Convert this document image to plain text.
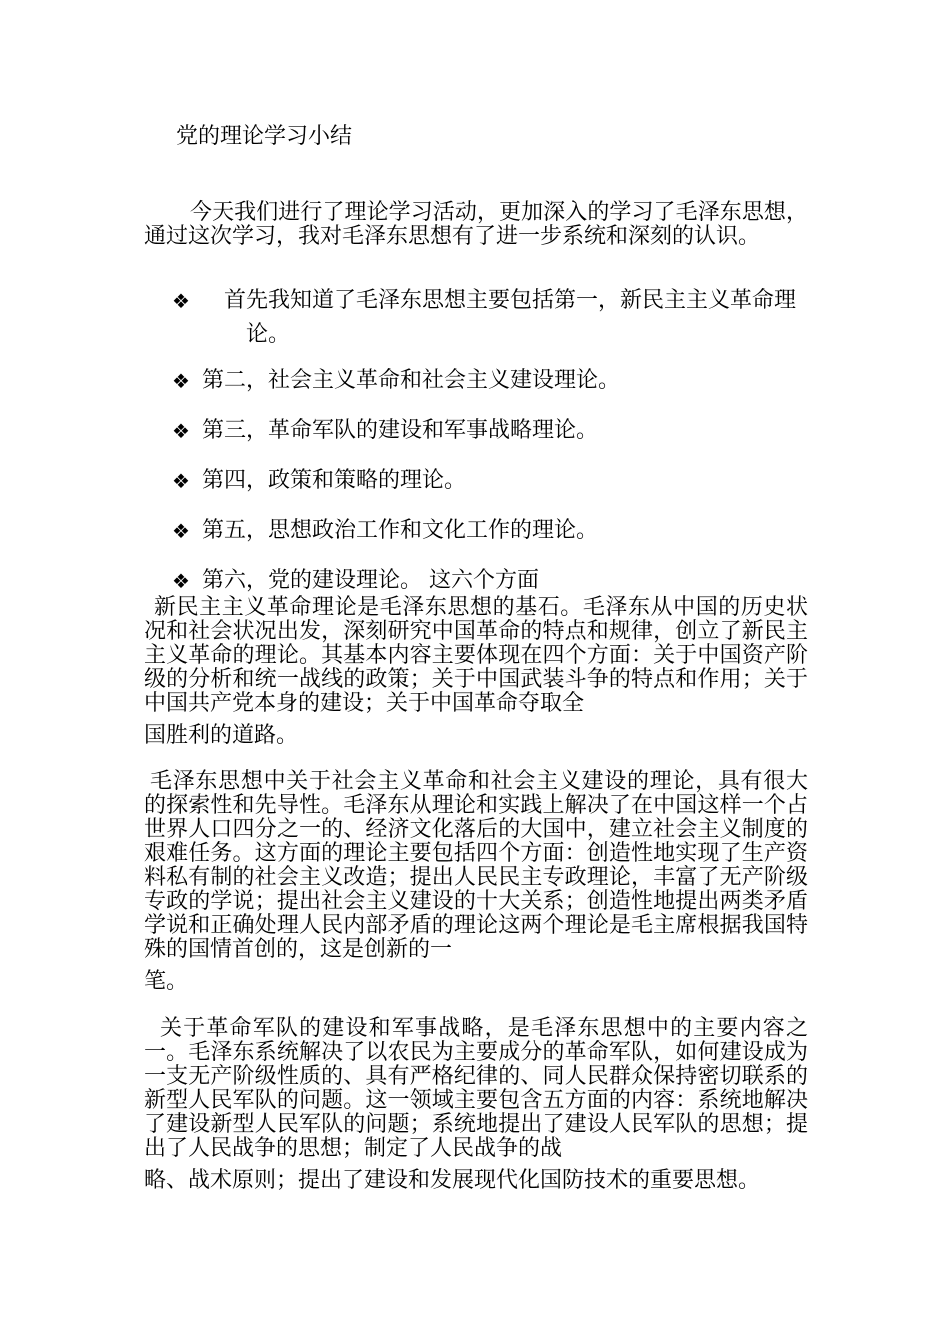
党的理论学习小结
今天我们进行了理论学习活动，更加深入的学习了毛泽东思想，通过这次学习，我对毛泽东思想有了进一步系统和深刻的认识。
❖	首先我知道了毛泽东思想主要包括第一，新民主主义革命理论。
❖ 第二，社会主义革命和社会主义建设理论。
❖ 第三，革命军队的建设和军事战略理论。
❖ 第四，政策和策略的理论。
❖ 第五，思想政治工作和文化工作的理论。
❖ 第六，党的建设理论。 这六个方面
新民主主义革命理论是毛泽东思想的基石。毛泽东从中国的历史状况和社会状况出发，深刻研究中国革命的特点和规律，创立了新民主主义革命的理论。其基本内容主要体现在四个方面：关于中国资产阶级的分析和统一战线的政策；关于中国武装斗争的特点和作用；关于中国共产党本身的建设；关于中国革命夺取全
国胜利的道路。
毛泽东思想中关于社会主义革命和社会主义建设的理论，具有很大的探索性和先导性。毛泽东从理论和实践上解决了在中国这样一个占世界人口四分之一的、经济文化落后的大国中，建立社会主义制度的艰难任务。这方面的理论主要包括四个方面：创造性地实现了生产资料私有制的社会主义改造；提出人民民主专政理论，丰富了无产阶级专政的学说；提出社会主义建设的十大关系；创造性地提出两类矛盾学说和正确处理人民内部矛盾的理论这两个理论是毛主席根据我国特殊的国情首创的，这是创新的一
笔。
关于革命军队的建设和军事战略，是毛泽东思想中的主要内容之一。毛泽东系统解决了以农民为主要成分的革命军队，如何建设成为一支无产阶级性质的、具有严格纪律的、同人民群众保持密切联系的新型人民军队的问题。这一领域主要包含五方面的内容：系统地解决了建设新型人民军队的问题；系统地提出了建设人民军队的思想；提出了人民战争的思想；制定了人民战争的战
略、战术原则；提出了建设和发展现代化国防技术的重要思想。
